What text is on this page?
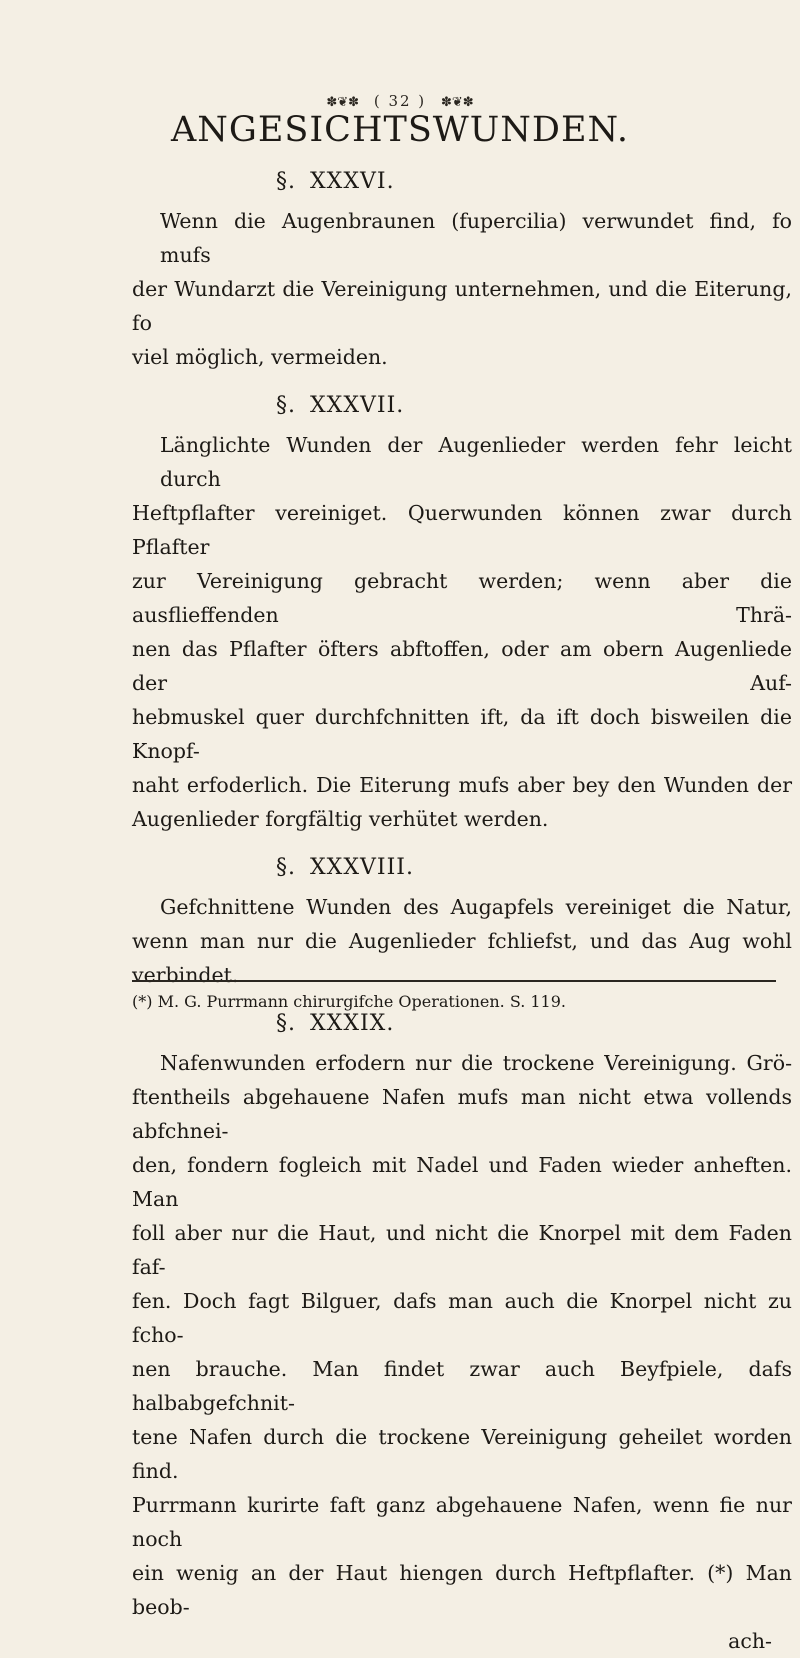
✽❦✽ ( 32 ) ✽❦✽
ANGESICHTSWUNDEN.

§. XXXVI.

Wenn die Augenbraunen (fupercilia) verwundet find, fo mufs
der Wundarzt die Vereinigung unternehmen, und die Eiterung, fo
viel möglich, vermeiden.

§. XXXVII.

Länglichte Wunden der Augenlieder werden fehr leicht durch
Heftpflafter vereiniget. Querwunden können zwar durch Pflafter
zur Vereinigung gebracht werden; wenn aber die ausflieffenden Thrä-
nen das Pflafter öfters abftoffen, oder am obern Augenliede der Auf-
hebmuskel quer durchfchnitten ift, da ift doch bisweilen die Knopf-
naht erfoderlich. Die Eiterung mufs aber bey den Wunden der
Augenlieder forgfältig verhütet werden.

§. XXXVIII.

Gefchnittene Wunden des Augapfels vereiniget die Natur,
wenn man nur die Augenlieder fchliefst, und das Aug wohl verbindet.

§. XXXIX.

Nafenwunden erfodern nur die trockene Vereinigung. Grö-
ftentheils abgehauene Nafen mufs man nicht etwa vollends abfchnei-
den, fondern fogleich mit Nadel und Faden wieder anheften. Man
foll aber nur die Haut, und nicht die Knorpel mit dem Faden faf-
fen. Doch fagt Bilguer, dafs man auch die Knorpel nicht zu fcho-
nen brauche. Man findet zwar auch Beyfpiele, dafs halbabgefchnit-
tene Nafen durch die trockene Vereinigung geheilet worden find.
Purrmann kurirte faft ganz abgehauene Nafen, wenn fie nur noch
ein wenig an der Haut hiengen durch Heftpflafter. (*) Man beob-
ach-
(*) M. G. Purrmann chirurgifche Operationen. S. 119.
